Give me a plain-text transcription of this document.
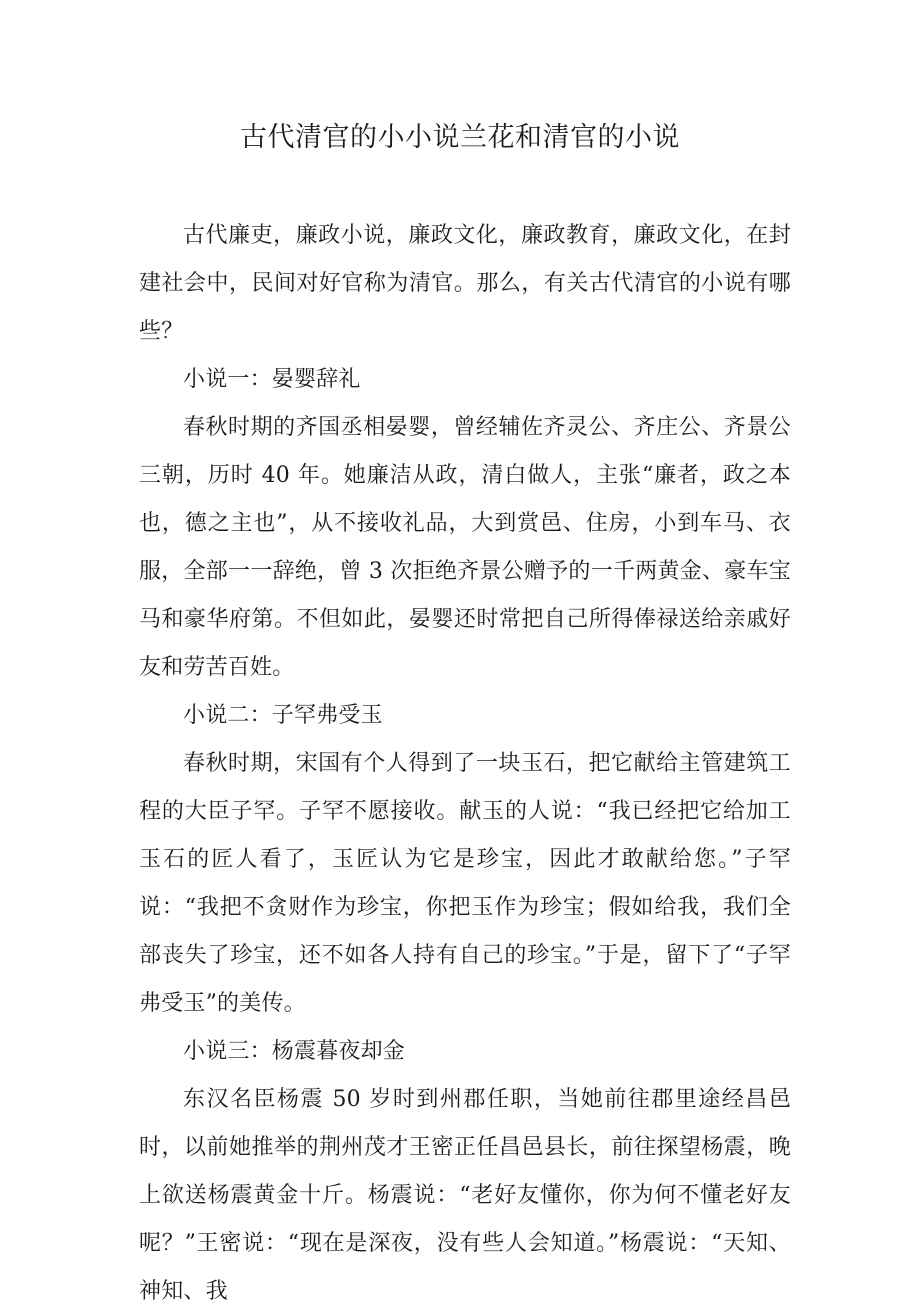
古代清官的小小说兰花和清官的小说

古代廉吏，廉政小说，廉政文化，廉政教育，廉政文化，在封建社会中，民间对好官称为清官。那么，有关古代清官的小说有哪些？

小说一：晏婴辞礼

春秋时期的齐国丞相晏婴，曾经辅佐齐灵公、齐庄公、齐景公三朝，历时 40 年。她廉洁从政，清白做人，主张“廉者，政之本也，德之主也”，从不接收礼品，大到赏邑、住房，小到车马、衣服，全部一一辞绝，曾 3 次拒绝齐景公赠予的一千两黄金、豪车宝马和豪华府第。不但如此，晏婴还时常把自己所得俸禄送给亲戚好友和劳苦百姓。

小说二：子罕弗受玉

春秋时期，宋国有个人得到了一块玉石，把它献给主管建筑工程的大臣子罕。子罕不愿接收。献玉的人说：“我已经把它给加工玉石的匠人看了，玉匠认为它是珍宝，因此才敢献给您。”子罕说：“我把不贪财作为珍宝，你把玉作为珍宝；假如给我，我们全部丧失了珍宝，还不如各人持有自己的珍宝。”于是，留下了“子罕弗受玉”的美传。

小说三：杨震暮夜却金

东汉名臣杨震 50 岁时到州郡任职，当她前往郡里途经昌邑时，以前她推举的荆州茂才王密正任昌邑县长，前往探望杨震，晚上欲送杨震黄金十斤。杨震说：“老好友懂你，你为何不懂老好友呢？”王密说：“现在是深夜，没有些人会知道。”杨震说：“天知、神知、我
